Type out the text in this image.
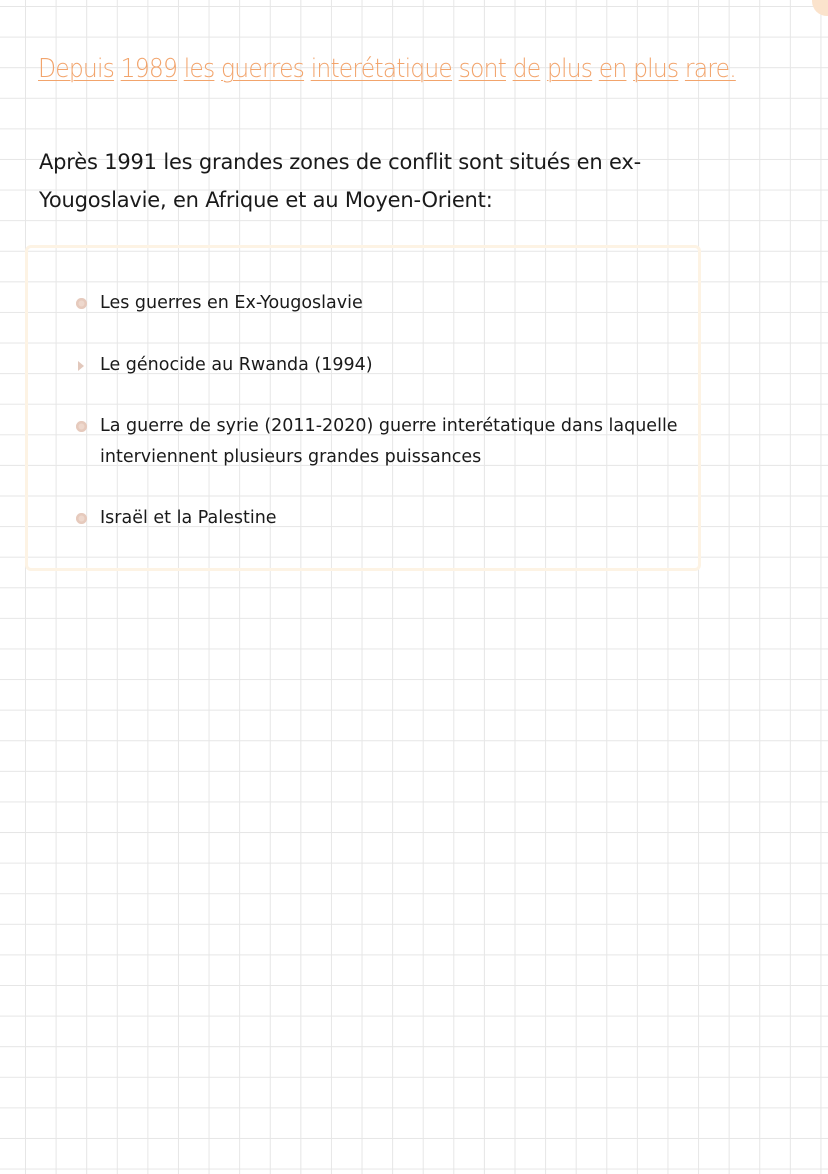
Depuis 1989 les guerres interétatique sont de plus en plus rare.

Après 1991 les grandes zones de conflit sont situés en ex-Yougoslavie, en Afrique et au Moyen-Orient:

Les guerres en Ex-Yougoslavie
Le génocide au Rwanda (1994)
La guerre de syrie (2011-2020) guerre interétatique dans laquelle interviennent plusieurs grandes puissances
Israël et la Palestine
